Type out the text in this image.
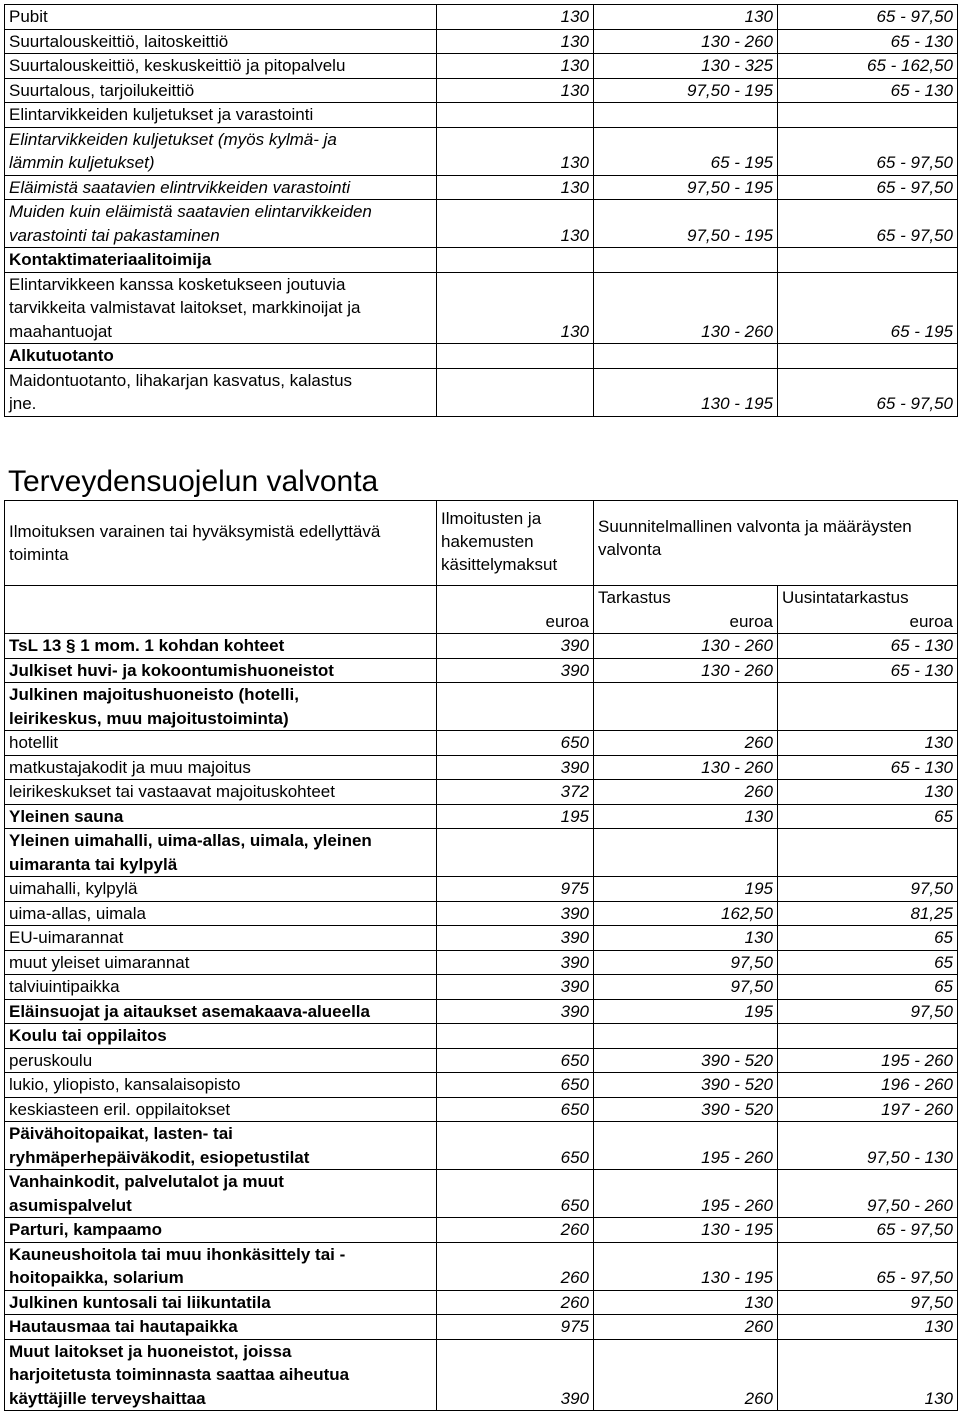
Pubit	130	130	65 - 97,50
Suurtalouskeittiö, laitoskeittiö	130	130 - 260	65 - 130
Suurtalouskeittiö, keskuskeittiö ja pitopalvelu	130	130 - 325	65 - 162,50
Suurtalous, tarjoilukeittiö	130	97,50 - 195	65 - 130
Elintarvikkeiden kuljetukset ja varastointi			
Elintarvikkeiden kuljetukset (myös kylmä- ja
lämmin kuljetukset)	130	65 - 195	65 - 97,50
Eläimistä saatavien elintrvikkeiden varastointi	130	97,50 - 195	65 - 97,50
Muiden kuin eläimistä saatavien elintarvikkeiden
varastointi tai pakastaminen	130	97,50 - 195	65 - 97,50
Kontaktimateriaalitoimija			
Elintarvikkeen kanssa kosketukseen joutuvia
tarvikkeita valmistavat laitokset, markkinoijat ja
maahantuojat	130	130 - 260	65 - 195
Alkutuotanto			
Maidontuotanto, lihakarjan kasvatus, kalastus
jne.		130 - 195	65 - 97,50
Terveydensuojelun valvonta
Ilmoituksen varainen tai hyväksymistä edellyttävä toiminta	Ilmoitusten ja hakemusten käsittelymaksut	Suunnitelmallinen valvonta ja määräysten valvonta	
		Tarkastus	Uusintatarkastus
	euroa	euroa	euroa
TsL 13 § 1 mom. 1 kohdan kohteet	390	130 - 260	65 - 130
Julkiset huvi- ja kokoontumishuoneistot	390	130 - 260	65 - 130
Julkinen majoitushuoneisto (hotelli,
leirikeskus, muu majoitustoiminta)			
hotellit	650	260	130
matkustajakodit ja muu majoitus	390	130 - 260	65 - 130
leirikeskukset tai vastaavat majoituskohteet	372	260	130
Yleinen sauna	195	130	65
Yleinen uimahalli, uima-allas, uimala, yleinen
uimaranta tai kylpylä			
uimahalli, kylpylä	975	195	97,50
uima-allas, uimala	390	162,50	81,25
EU-uimarannat	390	130	65
muut yleiset uimarannat	390	97,50	65
talviuintipaikka	390	97,50	65
Eläinsuojat ja aitaukset asemakaava-alueella	390	195	97,50
Koulu tai oppilaitos			
peruskoulu	650	390 - 520	195 - 260
lukio, yliopisto, kansalaisopisto	650	390 - 520	196 - 260
keskiasteen eril. oppilaitokset	650	390 - 520	197 - 260
Päivähoitopaikat, lasten- tai
ryhmäperhepäiväkodit, esiopetustilat	650	195 - 260	97,50 - 130
Vanhainkodit, palvelutalot ja muut
asumispalvelut	650	195 - 260	97,50 - 260
Parturi, kampaamo	260	130 - 195	65 - 97,50
Kauneushoitola tai muu ihonkäsittely tai -
hoitopaikka, solarium	260	130 - 195	65 - 97,50
Julkinen kuntosali tai liikuntatila	260	130	97,50
Hautausmaa tai hautapaikka	975	260	130
Muut laitokset ja huoneistot, joissa
harjoitetusta toiminnasta saattaa aiheutua
käyttäjille terveyshaittaa	390	260	130
